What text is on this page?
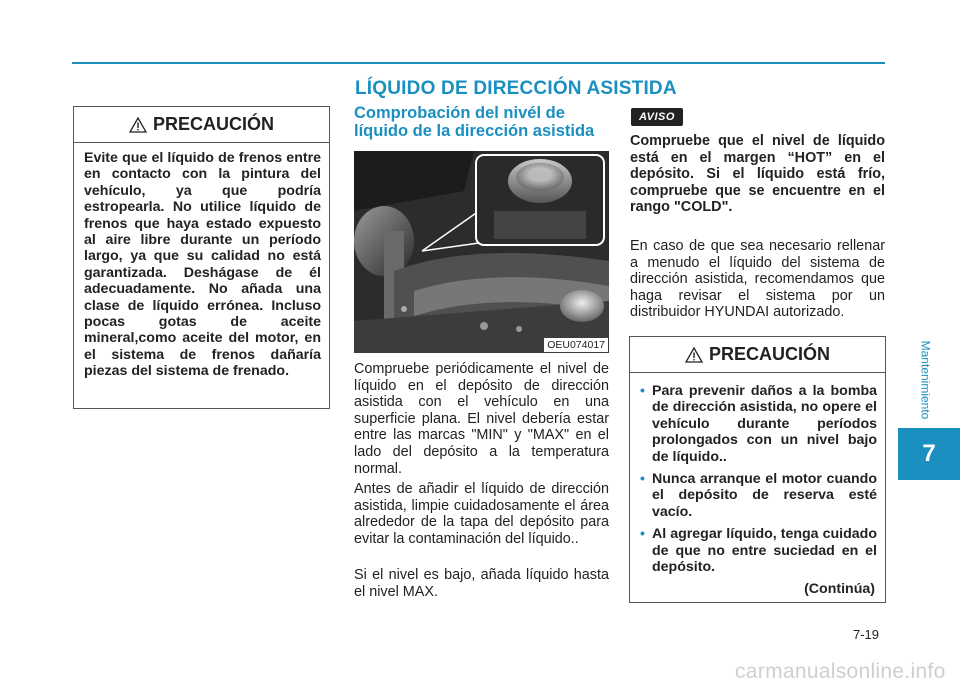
LÍQUIDO DE DIRECCIÓN ASISTIDA
PRECAUCIÓN

Evite que el líquido de frenos entre en contacto con la pintura del vehículo, ya que podría estropearla. No utilice líquido de frenos que haya estado expuesto al aire libre durante un período largo, ya que su calidad no está garantizada. Deshágase de él adecuadamente. No añada una clase de líquido errónea. Incluso pocas gotas de aceite mineral,como aceite del motor, en el sistema de frenos dañaría piezas del sistema de frenado.

Comprobación del nivél de líquido de la dirección asistida
OEU074017

Compruebe periódicamente el nivel de líquido en el depósito de dirección asistida con el vehículo en una superficie plana. El nivel debería estar entre las marcas "MIN" y "MAX" en el lado del depósito a la temperatura normal.

Antes de añadir el líquido de dirección asistida, limpie cuidadosamente el área alrededor de la tapa del depósito para evitar la contaminación del líquido..

Si el nivel es bajo, añada líquido hasta el nivel MAX.

AVISO

Compruebe que el nivel de líquido está en el margen “HOT” en el depósito. Si el líquido está frío, compruebe que se encuentre en el rango "COLD".

En caso de que sea necesario rellenar a menudo el líquido del sistema de dirección asistida, recomendamos que haga revisar el sistema por un distribuidor HYUNDAI autorizado.

PRECAUCIÓN
• Para prevenir daños a la bomba de dirección asistida, no opere el vehículo durante períodos prolongados con un nivel bajo de líquido..
• Nunca arranque el motor cuando el depósito de reserva esté vacío.
• Al agregar líquido, tenga cuidado de que no entre suciedad en el depósito.
(Continúa)
Mantenimiento
7
7-19
carmanualsonline.info
